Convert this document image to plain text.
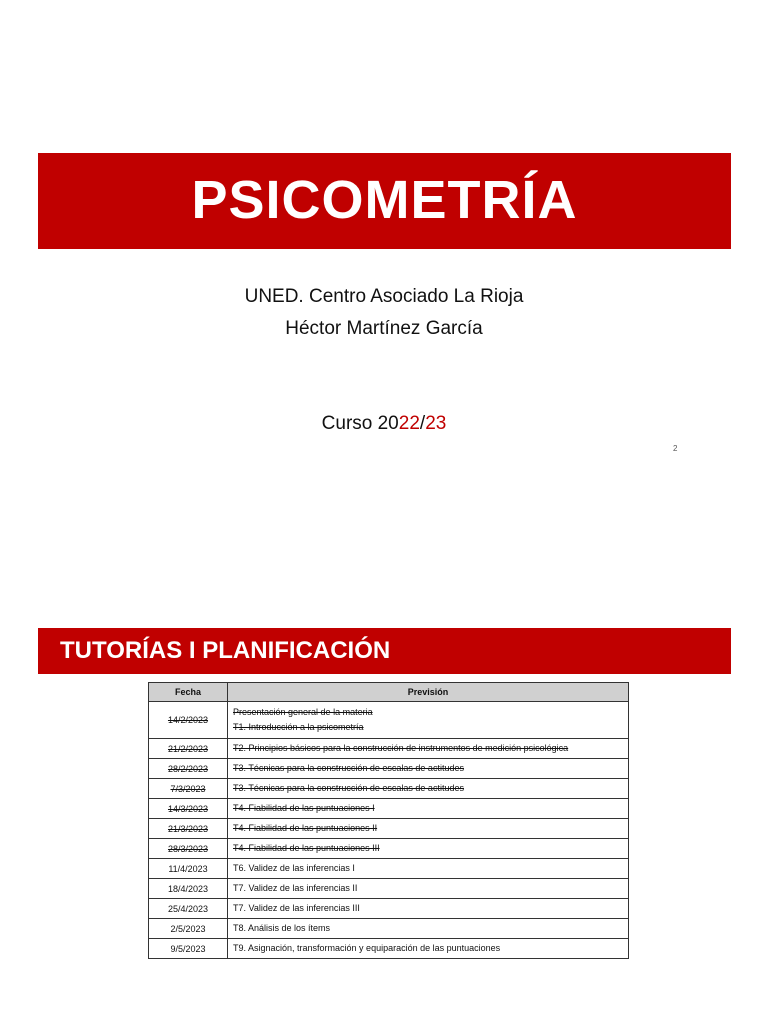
PSICOMETRÍA
UNED. Centro Asociado La Rioja
Héctor Martínez García
Curso 2022/23
2
TUTORÍAS I PLANIFICACIÓN
Fecha	Previsión
14/2/2023	Presentación general de la materia
T1. Introducción a la psicometría

21/2/2023	T2. Principios básicos para la construcción de instrumentos de medición psicológica

28/2/2023	T3. Técnicas para la construcción de escalas de actitudes

7/3/2023	T3. Técnicas para la construcción de escalas de actitudes

14/3/2023	T4. Fiabilidad de las puntuaciones I

21/3/2023	T4. Fiabilidad de las puntuaciones II

28/3/2023	T4. Fiabilidad de las puntuaciones III

11/4/2023	T6. Validez de las inferencias I

18/4/2023	T7. Validez de las inferencias II

25/4/2023	T7. Validez de las inferencias III

2/5/2023	T8. Análisis de los ítems

9/5/2023	T9. Asignación, transformación y equiparación de las puntuaciones
